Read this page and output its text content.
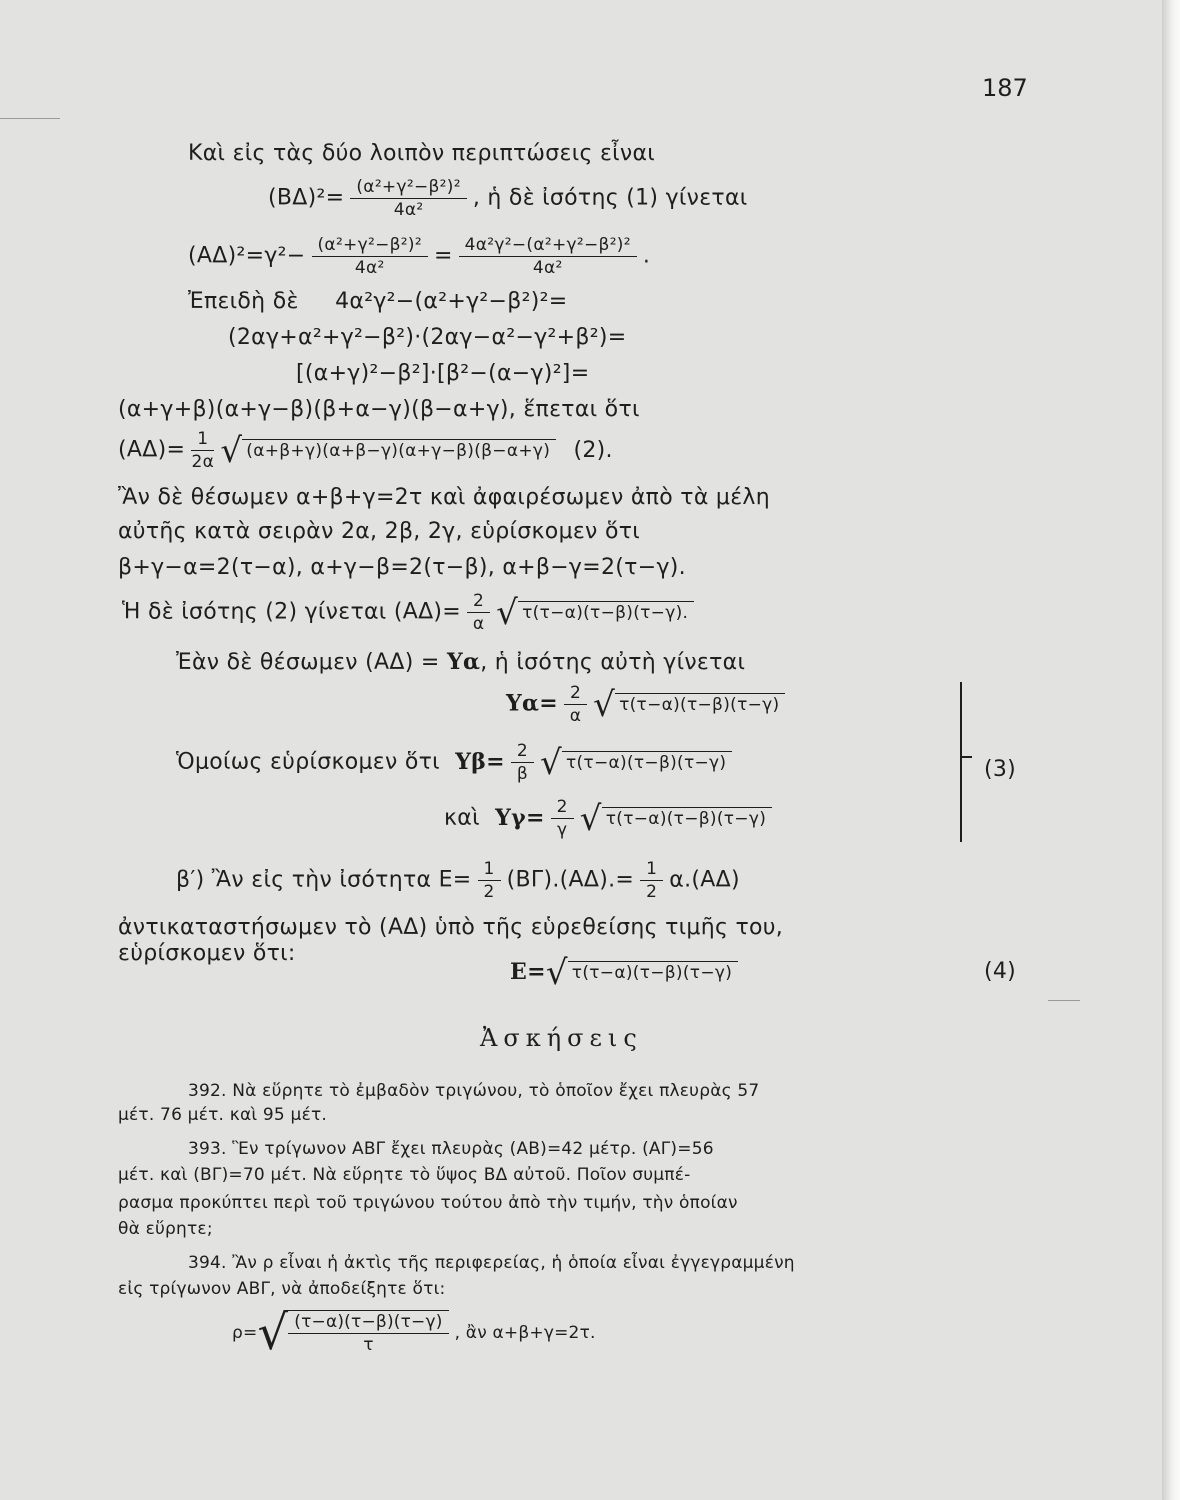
187
Καὶ εἰς τὰς δύο λοιπὸν περιπτώσεις εἶναι
$(B\Delta)^2= \frac{\text{(α²+γ²−β²)²}}{\text{4α²}}$ , ἡ δὲ ἰσότης (1) γίνεται
$(A\Delta)^2=\gamma^2- \frac{\text{(α²+γ²−β²)²}}{\text{4α²}} = \frac{\text{4α²γ²−(α²+γ²−β²)²}}{\text{4α²}}$ .
Ἐπειδὴ δὲ     4α²γ²−(α²+γ²−β²)²=
(2αγ+α²+γ²−β²)·(2αγ−α²−γ²+β²)=
[(α+γ)²−β²]·[β²−(α−γ)²]=
(α+γ+β)(α+γ−β)(β+α−γ)(β−α+γ), ἕπεται ὅτι
$(A\Delta)= \frac{1}{2\alpha}$ √ (α+β+γ)(α+β−γ)(α+γ−β)(β−α+γ) (2).
Ἂν δὲ θέσωμεν α+β+γ=2τ καὶ ἀφαιρέσωμεν ἀπὸ τὰ μέλη
αὐτῆς κατὰ σειρὰν 2α, 2β, 2γ, εὑρίσκομεν ὅτι
β+γ−α=2(τ−α), α+γ−β=2(τ−β), α+β−γ=2(τ−γ).
Ἡ δὲ ἰσότης (2) γίνεται $(A\Delta)= \frac{2}{\alpha}$ √ τ(τ−α)(τ−β)(τ−γ).
Ἐὰν δὲ θέσωμεν (ΑΔ) = Υα, ἡ ἰσότης αὐτὴ γίνεται
$\Upsilon\alpha= \frac{2}{\alpha}$ √ τ(τ−α)(τ−β)(τ−γ)
Ὁμοίως εὑρίσκομεν ὅτι $\Upsilon\beta= \frac{2}{\beta}$ √ τ(τ−α)(τ−β)(τ−γ)	(3)
καὶ $\Upsilon\gamma= \frac{2}{\gamma}$ √ τ(τ−α)(τ−β)(τ−γ)
β′) Ἂν εἰς τὴν ἰσότητα $E= \frac{1}{2} (B\Gamma).(A\Delta).= \frac{1}{2} \alpha.(A\Delta)$
ἀντικαταστήσωμεν τὸ (ΑΔ) ὑπὸ τῆς εὑρεθείσης τιμῆς του,
εὑρίσκομεν ὅτι:
Ε=√ τ(τ−α)(τ−β)(τ−γ)	(4)
Ἀσκήσεις
392. Νὰ εὕρητε τὸ ἐμβαδὸν τριγώνου, τὸ ὁποῖον ἔχει πλευρὰς 57
μέτ. 76 μέτ. καὶ 95 μέτ.
393. Ἓν τρίγωνον ΑΒΓ ἔχει πλευρὰς (ΑΒ)=42 μέτρ. (ΑΓ)=56
μέτ. καὶ (ΒΓ)=70 μέτ. Νὰ εὕρητε τὸ ὕψος ΒΔ αὐτοῦ. Ποῖον συμπέ-
ρασμα προκύπτει περὶ τοῦ τριγώνου τούτου ἀπὸ τὴν τιμήν, τὴν ὁποίαν
θὰ εὕρητε;
394. Ἂν ρ εἶναι ἡ ἀκτὶς τῆς περιφερείας, ἡ ὁποία εἶναι ἐγγεγραμμένη
εἰς τρίγωνον ΑΒΓ, νὰ ἀποδείξητε ὅτι:
$\rho=√ \frac{(\tau-\alpha)(\tau-\beta)(\tau-\gamma)}{\tau}$ , ἂν α+β+γ=2τ.
